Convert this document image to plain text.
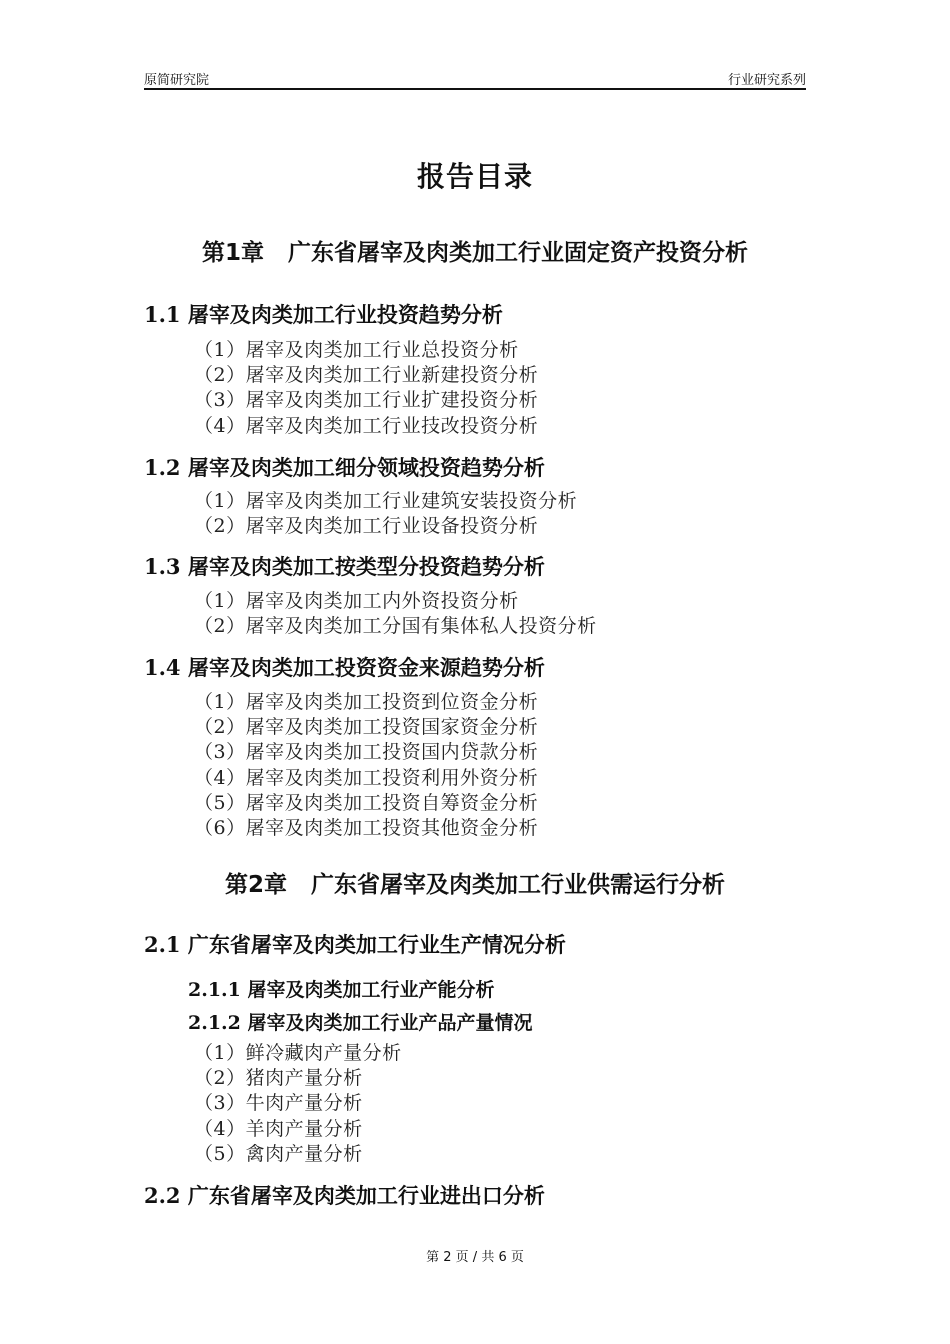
原简研究院	行业研究系列
报告目录
第1章 广东省屠宰及肉类加工行业固定资产投资分析
1.1 屠宰及肉类加工行业投资趋势分析
（1）屠宰及肉类加工行业总投资分析
（2）屠宰及肉类加工行业新建投资分析
（3）屠宰及肉类加工行业扩建投资分析
（4）屠宰及肉类加工行业技改投资分析
1.2 屠宰及肉类加工细分领域投资趋势分析
（1）屠宰及肉类加工行业建筑安装投资分析
（2）屠宰及肉类加工行业设备投资分析
1.3 屠宰及肉类加工按类型分投资趋势分析
（1）屠宰及肉类加工内外资投资分析
（2）屠宰及肉类加工分国有集体私人投资分析
1.4 屠宰及肉类加工投资资金来源趋势分析
（1）屠宰及肉类加工投资到位资金分析
（2）屠宰及肉类加工投资国家资金分析
（3）屠宰及肉类加工投资国内贷款分析
（4）屠宰及肉类加工投资利用外资分析
（5）屠宰及肉类加工投资自筹资金分析
（6）屠宰及肉类加工投资其他资金分析
第2章 广东省屠宰及肉类加工行业供需运行分析
2.1 广东省屠宰及肉类加工行业生产情况分析
2.1.1 屠宰及肉类加工行业产能分析
2.1.2 屠宰及肉类加工行业产品产量情况
（1）鲜冷藏肉产量分析
（2）猪肉产量分析
（3）牛肉产量分析
（4）羊肉产量分析
（5）禽肉产量分析
2.2 广东省屠宰及肉类加工行业进出口分析
第 2 页 / 共 6 页
